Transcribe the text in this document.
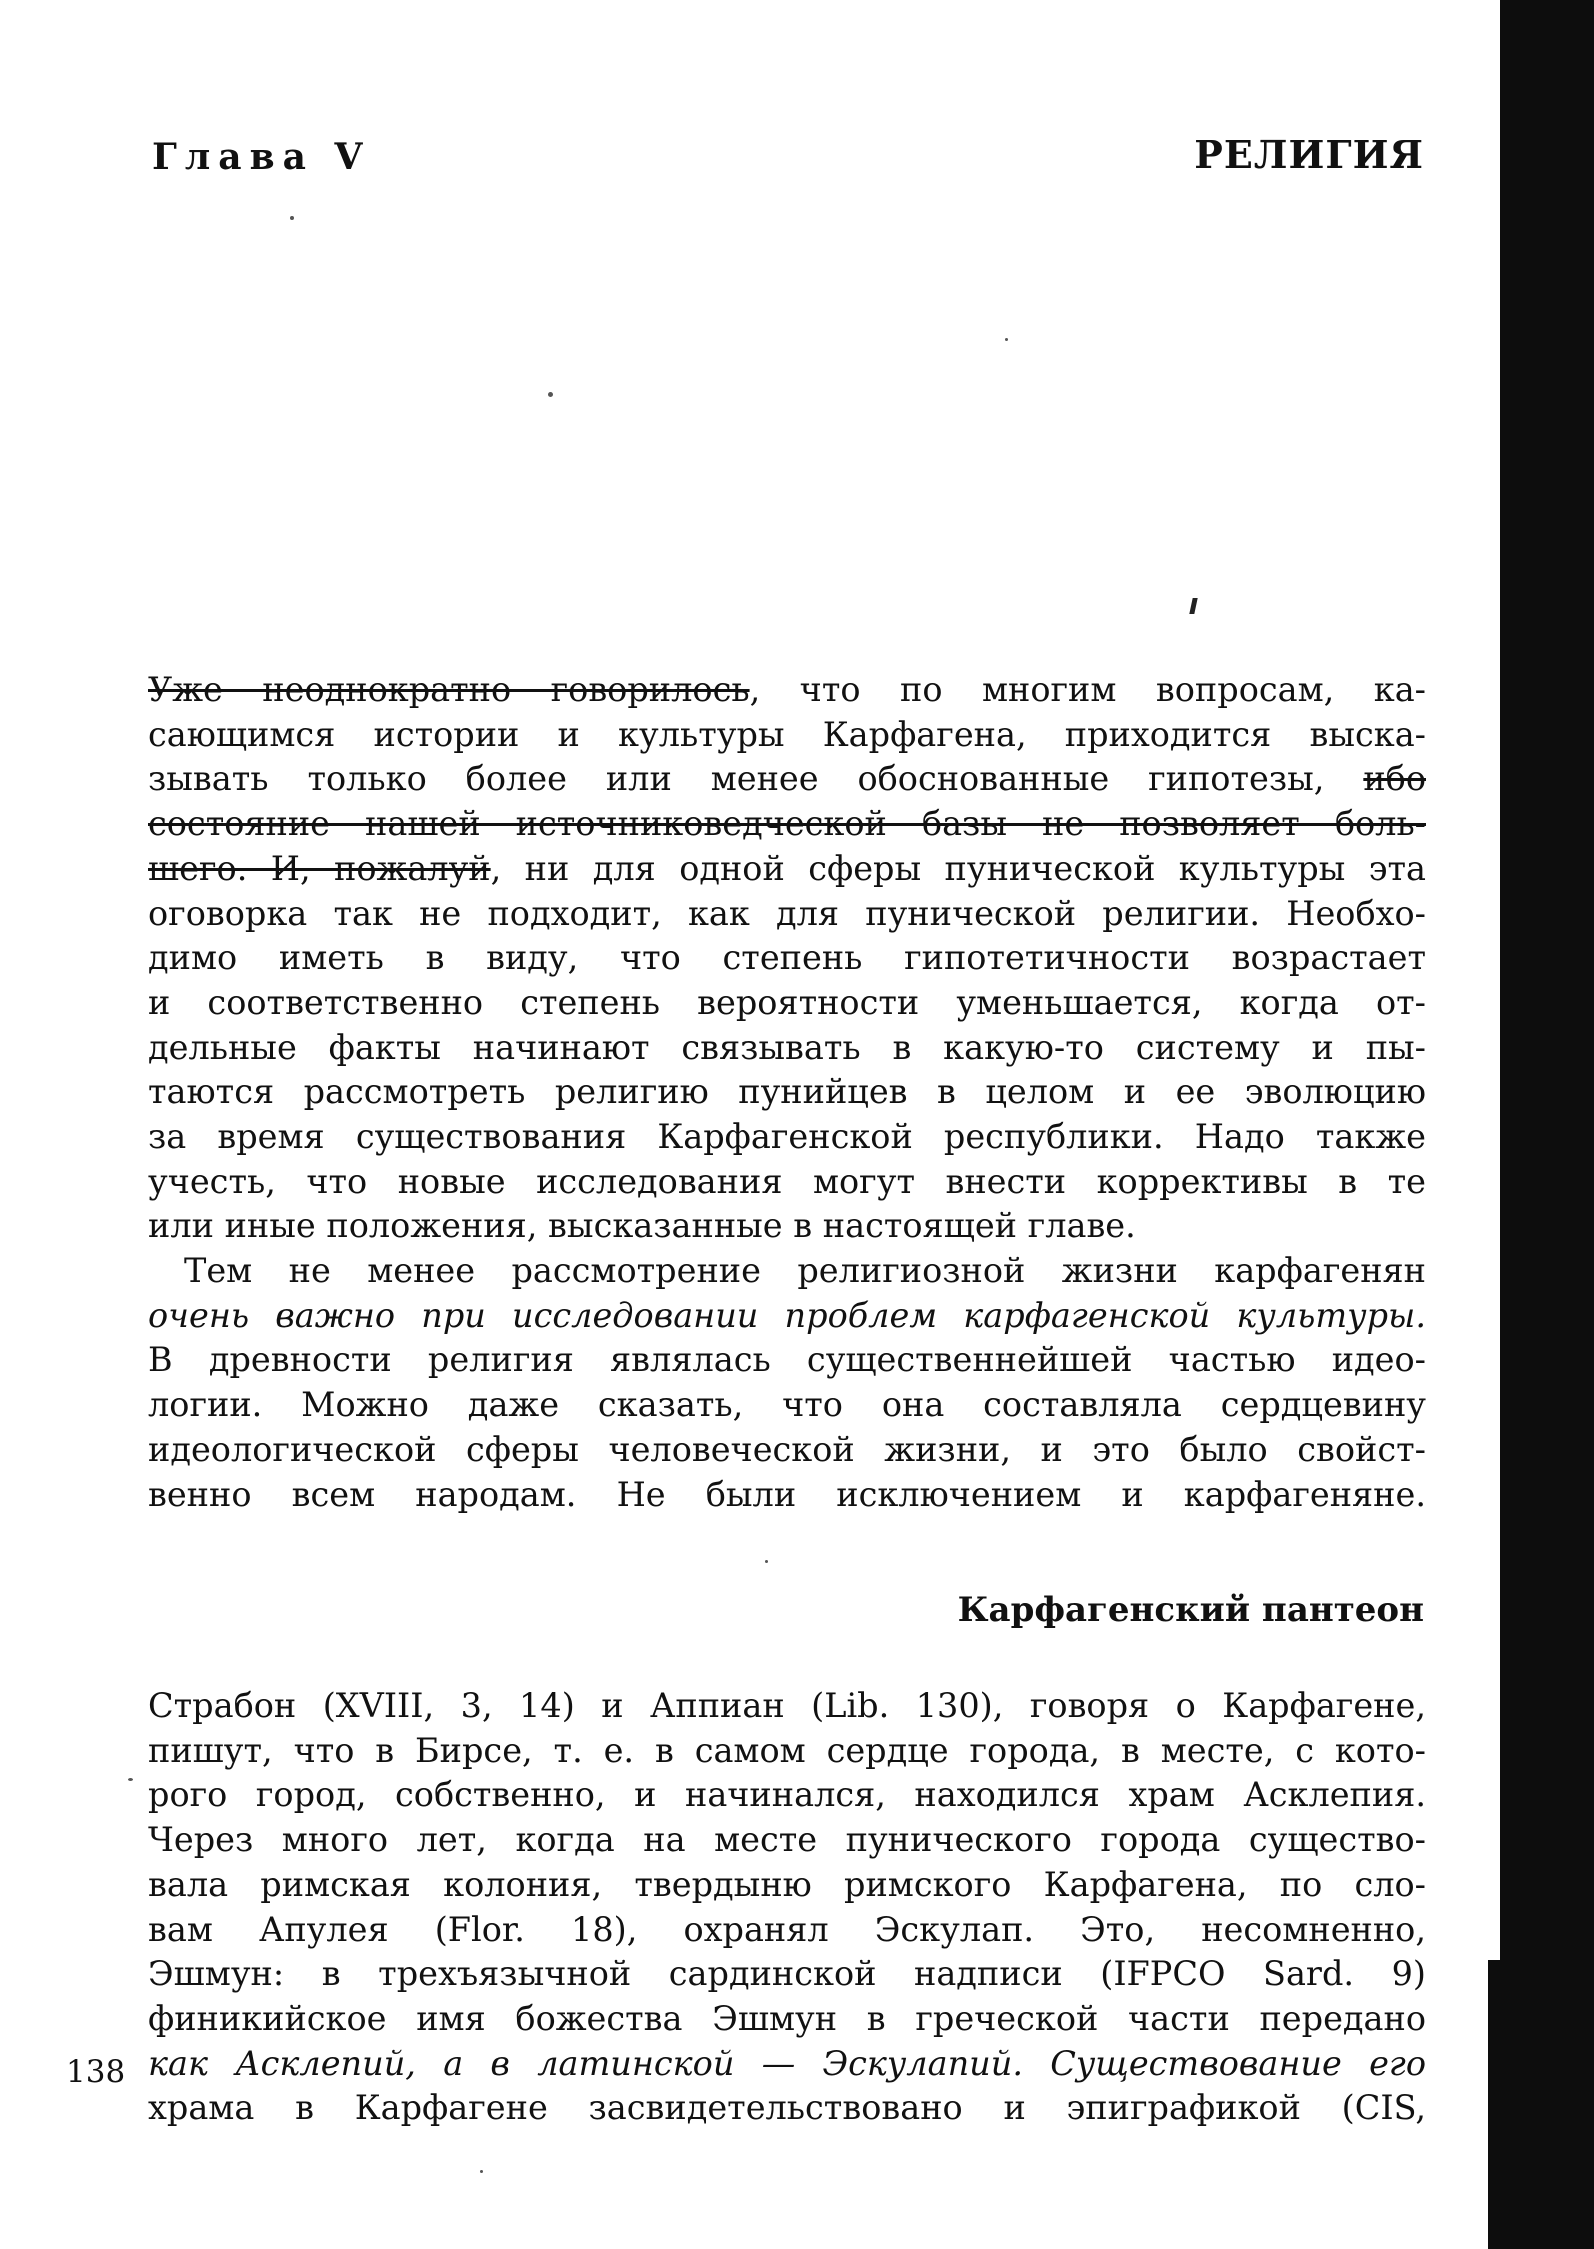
Глава V	РЕЛИГИЯ
Уже неоднократно говорилось, что по многим вопросам, ка-
сающимся истории и культуры Карфагена, приходится выска-
зывать только более или менее обоснованные гипотезы, ибо
состояние нашей источниковедческой базы не позволяет боль-
шего. И, пожалуй, ни для одной сферы пунической культуры эта
оговорка так не подходит, как для пунической религии. Необхо-
димо иметь в виду, что степень гипотетичности возрастает
и соответственно степень вероятности уменьшается, когда от-
дельные факты начинают связывать в какую-то систему и пы-
таются рассмотреть религию пунийцев в целом и ее эволюцию
за время существования Карфагенской республики. Надо также
учесть, что новые исследования могут внести коррективы в те
или иные положения, высказанные в настоящей главе.
Тем не менее рассмотрение религиозной жизни карфагенян
очень важно при исследовании проблем карфагенской культуры.
В древности религия являлась существеннейшей частью идео-
логии. Можно даже сказать, что она составляла сердцевину
идеологической сферы человеческой жизни, и это было свойст-
венно всем народам. Не были исключением и карфагеняне.
Карфагенский пантеон
Страбон (XVIII, 3, 14) и Аппиан (Lib. 130), говоря о Карфагене,
пишут, что в Бирсе, т. е. в самом сердце города, в месте, с кото-
рого город, собственно, и начинался, находился храм Асклепия.
Через много лет, когда на месте пунического города существо-
вала римская колония, твердыню римского Карфагена, по сло-
вам Апулея (Flor. 18), охранял Эскулап. Это, несомненно,
Эшмун: в трехъязычной сардинской надписи (IFPCO Sard. 9)
финикийское имя божества Эшмун в греческой части передано
как Асклепий, а в латинской — Эскулапий. Существование его
храма в Карфагене засвидетельствовано и эпиграфикой (CIS,
138
